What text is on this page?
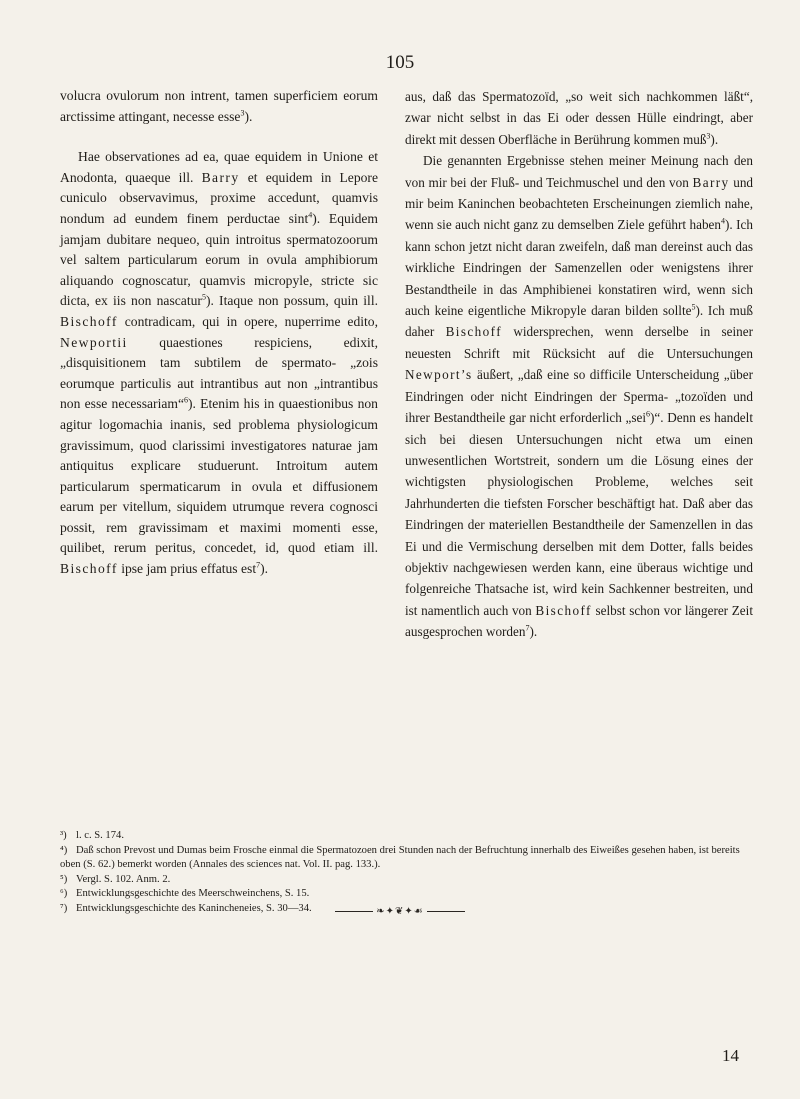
105

volucra ovulorum non intrent, tamen superficiem eorum arctissime attingant, necesse esse$^3$).

Hae observationes ad ea, quae equidem in Unione et Anodonta, quaeque ill. Barry et equidem in Lepore cuniculo observavimus, proxime accedunt, quamvis nondum ad eundem finem perductae sint$^4$). Equidem jamjam dubitare nequeo, quin introitus spermatozoorum vel saltem particularum eorum in ovula amphibiorum aliquando cognoscatur, quamvis micropyle, stricte sic dicta, ex iis non nascatur$^5$). Itaque non possum, quin ill. Bischoff contradicam, qui in opere, nuperrime edito, Newportii quaestiones respiciens, edixit, „disquisitionem tam subtilem de spermato- „zois eorumque particulis aut intrantibus aut non „intrantibus non esse necessariam“$^6$). Etenim his in quaestionibus non agitur logomachia inanis, sed problema physiologicum gravissimum, quod clarissimi investigatores naturae jam antiquitus explicare studuerunt. Introitum autem particularum spermaticarum in ovula et diffusionem earum per vitellum, siquidem utrumque revera cognosci possit, rem gravissimam et maximi momenti esse, quilibet, rerum peritus, concedet, id, quod etiam ill. Bischoff ipse jam prius effatus est$^7$).

aus, daß das Spermatozoïd, „so weit sich nachkommen läßt“, zwar nicht selbst in das Ei oder dessen Hülle eindringt, aber direkt mit dessen Oberfläche in Berührung kommen muß$^3$).

Die genannten Ergebnisse stehen meiner Meinung nach den von mir bei der Fluß- und Teichmuschel und den von Barry und mir beim Kaninchen beobachteten Erscheinungen ziemlich nahe, wenn sie auch nicht ganz zu demselben Ziele geführt haben$^4$). Ich kann schon jetzt nicht daran zweifeln, daß man dereinst auch das wirkliche Eindringen der Samenzellen oder wenigstens ihrer Bestandtheile in das Amphibienei konstatiren wird, wenn sich auch keine eigentliche Mikropyle daran bilden sollte$^5$). Ich muß daher Bischoff widersprechen, wenn derselbe in seiner neuesten Schrift mit Rücksicht auf die Untersuchungen Newport’s äußert, „daß eine so difficile Unterscheidung „über Eindringen oder nicht Eindringen der Sperma- „tozoïden und ihrer Bestandtheile gar nicht erforderlich „sei$^6$)“. Denn es handelt sich bei diesen Untersuchungen nicht etwa um einen unwesentlichen Wortstreit, sondern um die Lösung eines der wichtigsten physiologischen Probleme, welches seit Jahrhunderten die tiefsten Forscher beschäftigt hat. Daß aber das Eindringen der materiellen Bestandtheile der Samenzellen in das Ei und die Vermischung derselben mit dem Dotter, falls beides objektiv nachgewiesen werden kann, eine überaus wichtige und folgenreiche Thatsache ist, wird kein Sachkenner bestreiten, und ist namentlich auch von Bischoff selbst schon vor längerer Zeit ausgesprochen worden$^7$).

³) l. c. S. 174.

⁴) Daß schon Prevost und Dumas beim Frosche einmal die Spermatozoen drei Stunden nach der Befruchtung innerhalb des Eiweißes gesehen haben, ist bereits oben (S. 62.) bemerkt worden (Annales des sciences nat. Vol. II. pag. 133.).

⁵) Vergl. S. 102. Anm. 2.

⁶) Entwicklungsgeschichte des Meerschweinchens, S. 15.

⁷) Entwicklungsgeschichte des Kanincheneies, S. 30—34.	❧✦❦✦☙
14
